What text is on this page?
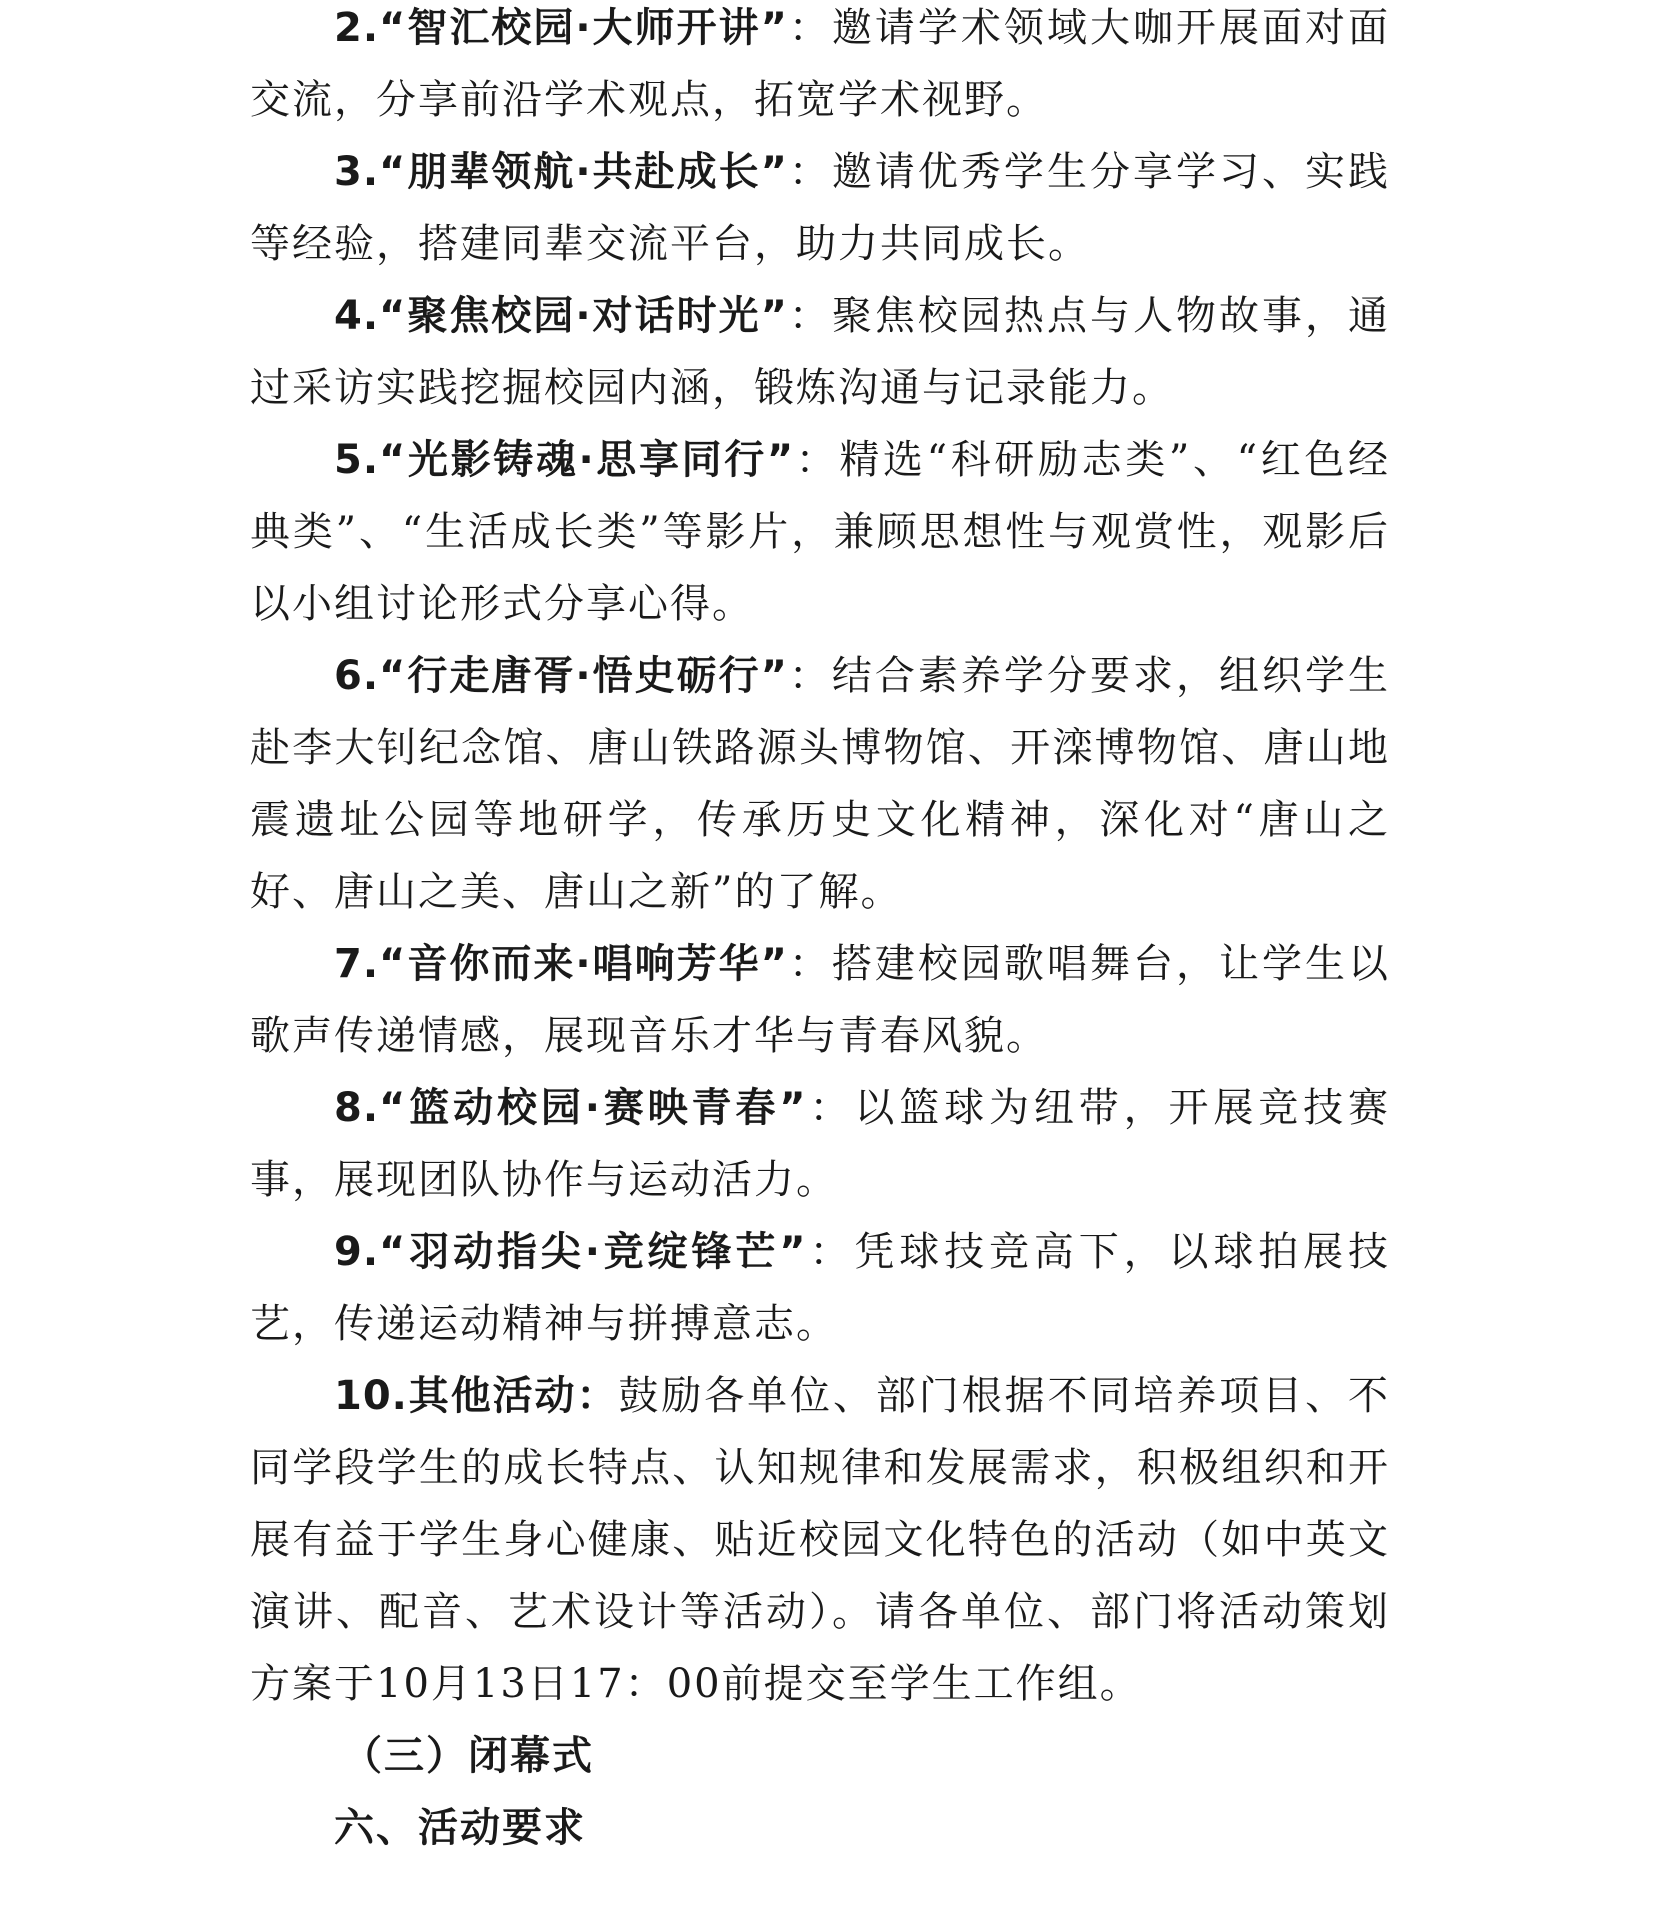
2.“智汇校园·大师开讲”：邀请学术领域大咖开展面对面交流，分享前沿学术观点，拓宽学术视野。

3.“朋辈领航·共赴成长”：邀请优秀学生分享学习、实践等经验，搭建同辈交流平台，助力共同成长。

4.“聚焦校园·对话时光”：聚焦校园热点与人物故事，通过采访实践挖掘校园内涵，锻炼沟通与记录能力。

5.“光影铸魂·思享同行”：精选“科研励志类”、“红色经典类”、“生活成长类”等影片，兼顾思想性与观赏性，观影后以小组讨论形式分享心得。

6.“行走唐胥·悟史砺行”：结合素养学分要求，组织学生赴李大钊纪念馆、唐山铁路源头博物馆、开滦博物馆、唐山地震遗址公园等地研学，传承历史文化精神，深化对“唐山之好、唐山之美、唐山之新”的了解。

7.“音你而来·唱响芳华”：搭建校园歌唱舞台，让学生以歌声传递情感，展现音乐才华与青春风貌。

8.“篮动校园·赛映青春”：以篮球为纽带，开展竞技赛事，展现团队协作与运动活力。

9.“羽动指尖·竞绽锋芒”：凭球技竞高下，以球拍展技艺，传递运动精神与拼搏意志。

10.其他活动：鼓励各单位、部门根据不同培养项目、不同学段学生的成长特点、认知规律和发展需求，积极组织和开展有益于学生身心健康、贴近校园文化特色的活动（如中英文演讲、配音、艺术设计等活动）。请各单位、部门将活动策划方案于10月13日17：00前提交至学生工作组。

（三）闭幕式

六、活动要求
